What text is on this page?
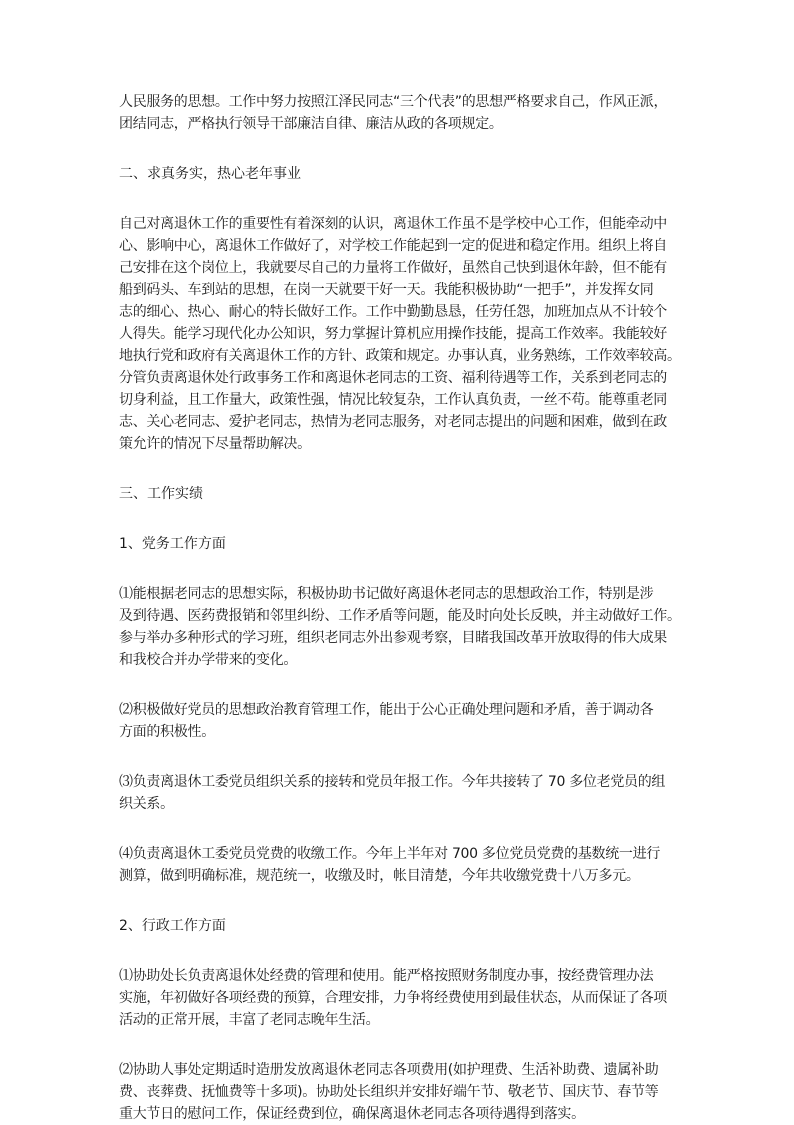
人民服务的思想。工作中努力按照江泽民同志“三个代表”的思想严格要求自己，作风正派，
团结同志，严格执行领导干部廉洁自律、廉洁从政的各项规定。

二、求真务实，热心老年事业

自己对离退休工作的重要性有着深刻的认识，离退休工作虽不是学校中心工作，但能牵动中
心、影响中心，离退休工作做好了，对学校工作能起到一定的促进和稳定作用。组织上将自
己安排在这个岗位上，我就要尽自己的力量将工作做好，虽然自己快到退休年龄，但不能有
船到码头、车到站的思想，在岗一天就要干好一天。我能积极协助“一把手”，并发挥女同
志的细心、热心、耐心的特长做好工作。工作中勤勤恳恳，任劳任怨，加班加点从不计较个
人得失。能学习现代化办公知识，努力掌握计算机应用操作技能，提高工作效率。我能较好
地执行党和政府有关离退休工作的方针、政策和规定。办事认真，业务熟练，工作效率较高。
分管负责离退休处行政事务工作和离退休老同志的工资、福利待遇等工作，关系到老同志的
切身利益，且工作量大，政策性强，情况比较复杂，工作认真负责，一丝不苟。能尊重老同
志、关心老同志、爱护老同志，热情为老同志服务，对老同志提出的问题和困难，做到在政
策允许的情况下尽量帮助解决。

三、工作实绩

1、党务工作方面

⑴能根据老同志的思想实际，积极协助书记做好离退休老同志的思想政治工作，特别是涉
及到待遇、医药费报销和邻里纠纷、工作矛盾等问题，能及时向处长反映，并主动做好工作。
参与举办多种形式的学习班，组织老同志外出参观考察，目睹我国改革开放取得的伟大成果
和我校合并办学带来的变化。

⑵积极做好党员的思想政治教育管理工作，能出于公心正确处理问题和矛盾，善于调动各
方面的积极性。

⑶负责离退休工委党员组织关系的接转和党员年报工作。今年共接转了 70 多位老党员的组
织关系。

⑷负责离退休工委党员党费的收缴工作。今年上半年对 700 多位党员党费的基数统一进行
测算，做到明确标准，规范统一，收缴及时，帐目清楚，今年共收缴党费十八万多元。

2、行政工作方面

⑴协助处长负责离退休处经费的管理和使用。能严格按照财务制度办事，按经费管理办法
实施，年初做好各项经费的预算，合理安排，力争将经费使用到最佳状态，从而保证了各项
活动的正常开展，丰富了老同志晚年生活。

⑵协助人事处定期适时造册发放离退休老同志各项费用(如护理费、生活补助费、遗属补助
费、丧葬费、抚恤费等十多项)。协助处长组织并安排好端午节、敬老节、国庆节、春节等
重大节日的慰问工作，保证经费到位，确保离退休老同志各项待遇得到落实。
